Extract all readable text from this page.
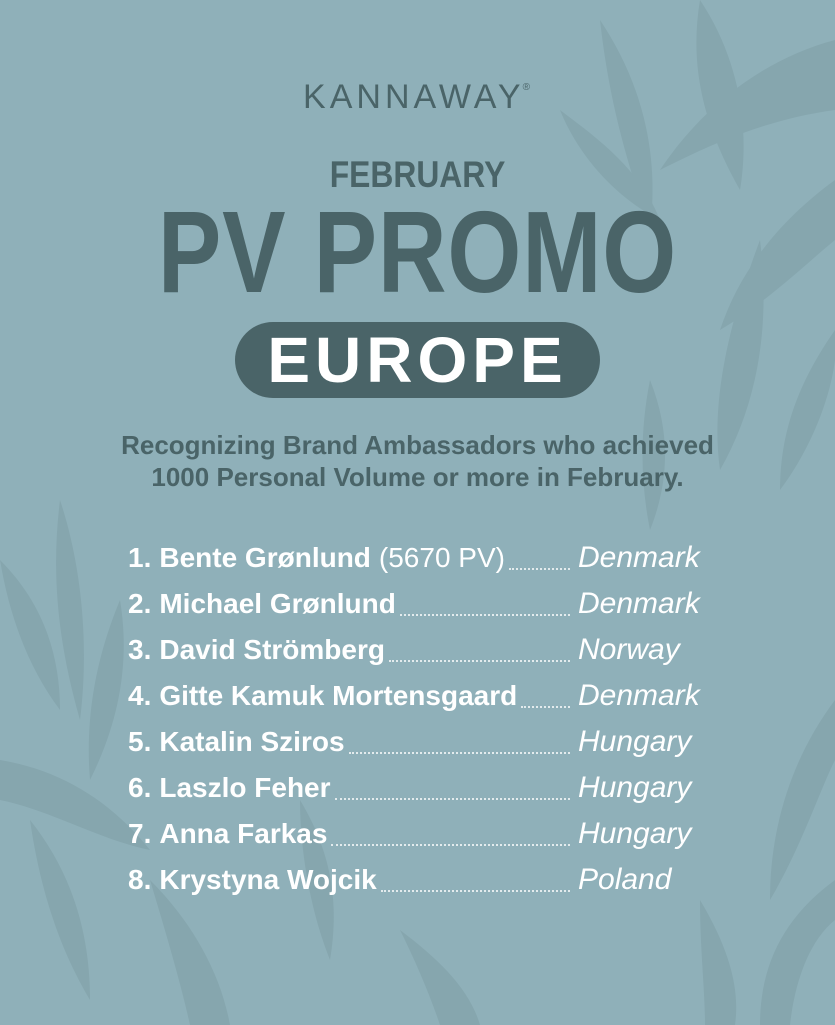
KANNAWAY®
FEBRUARY
PV PROMO
EUROPE
Recognizing Brand Ambassadors who achieved
1000 Personal Volume or more in February.
1. Bente Grønlund (5670 PV) Denmark
2. Michael Grønlund	Denmark
3. David Strömberg	Norway
4. Gitte Kamuk Mortensgaard Denmark
5. Katalin Sziros	Hungary
6. Laszlo Feher	Hungary
7. Anna Farkas	Hungary
8. Krystyna Wojcik	Poland
